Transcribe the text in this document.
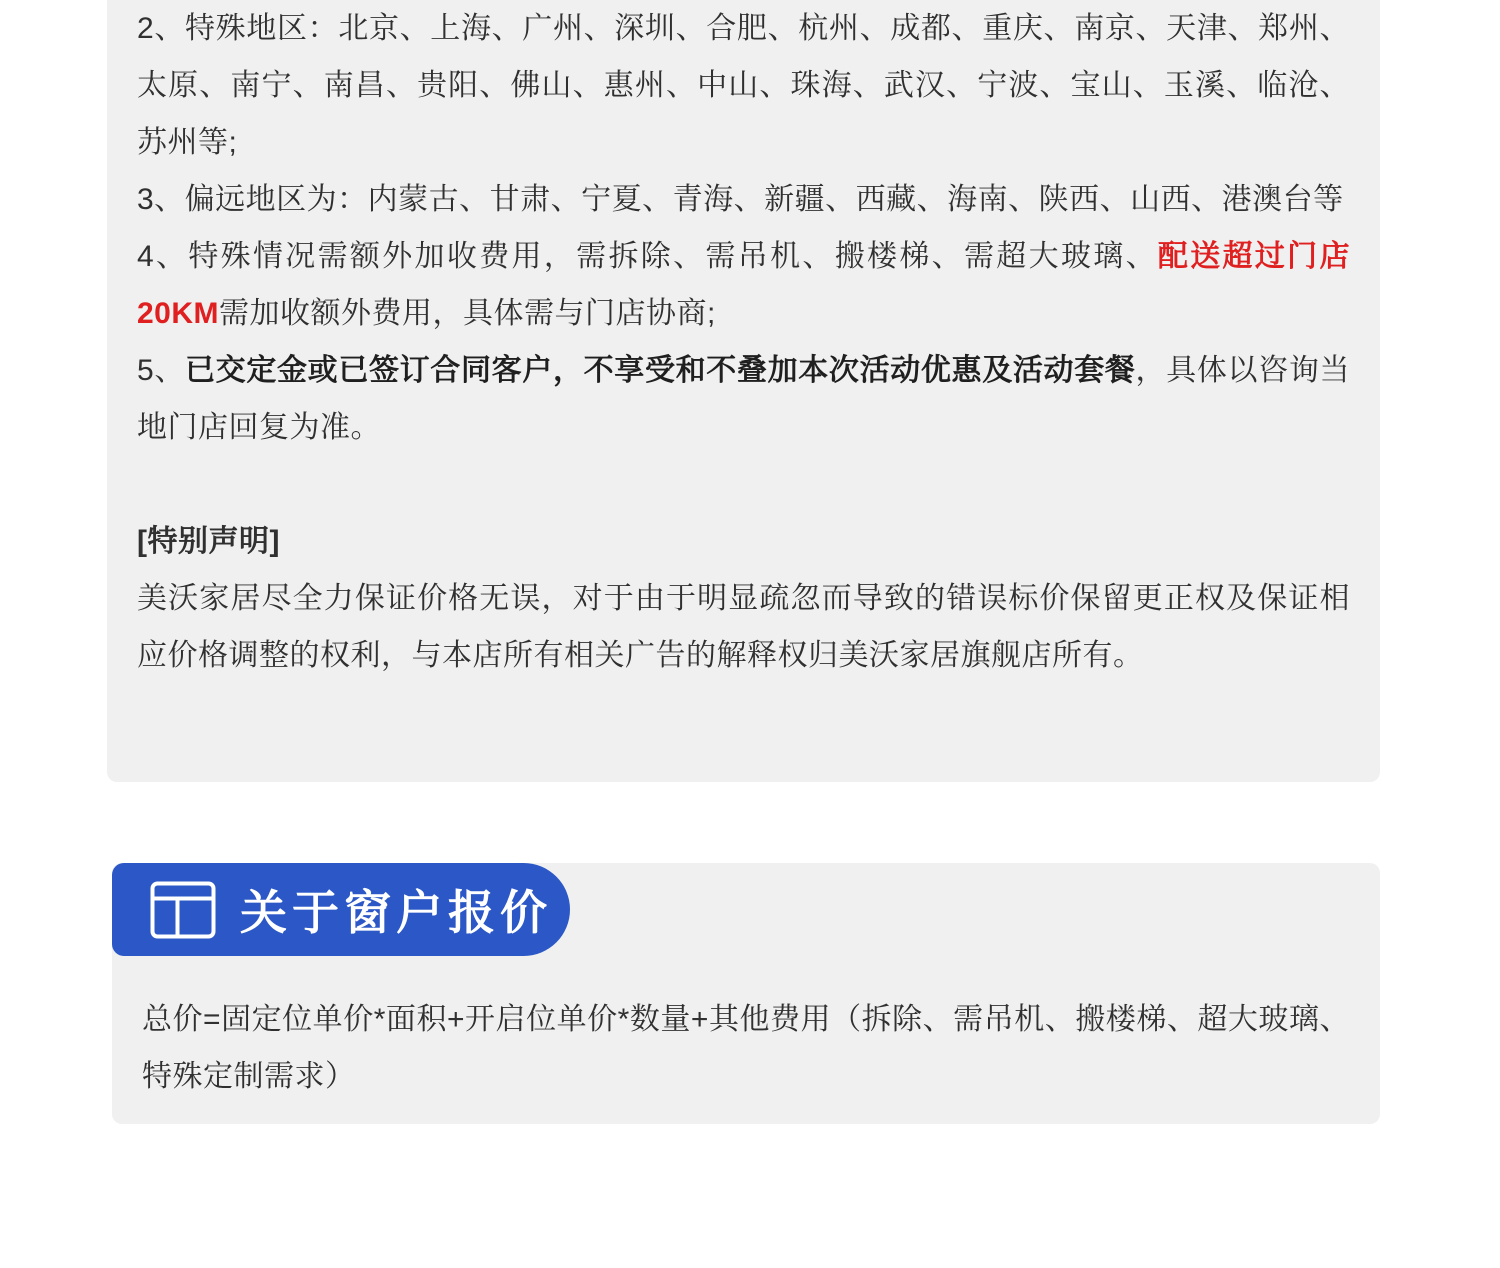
2、特殊地区：北京、上海、广州、深圳、合肥、杭州、成都、重庆、南京、天津、郑州、太原、南宁、南昌、贵阳、佛山、惠州、中山、珠海、武汉、宁波、宝山、玉溪、临沧、苏州等;

3、偏远地区为：内蒙古、甘肃、宁夏、青海、新疆、西藏、海南、陕西、山西、港澳台等

4、特殊情况需额外加收费用，需拆除、需吊机、搬楼梯、需超大玻璃、配送超过门店20KM需加收额外费用，具体需与门店协商;

5、已交定金或已签订合同客户，不享受和不叠加本次活动优惠及活动套餐，具体以咨询当地门店回复为准。

[特别声明]

美沃家居尽全力保证价格无误，对于由于明显疏忽而导致的错误标价保留更正权及保证相应价格调整的权利，与本店所有相关广告的解释权归美沃家居旗舰店所有。

总价=固定位单价*面积+开启位单价*数量+其他费用（拆除、需吊机、搬楼梯、超大玻璃、特殊定制需求）

关于窗户报价
